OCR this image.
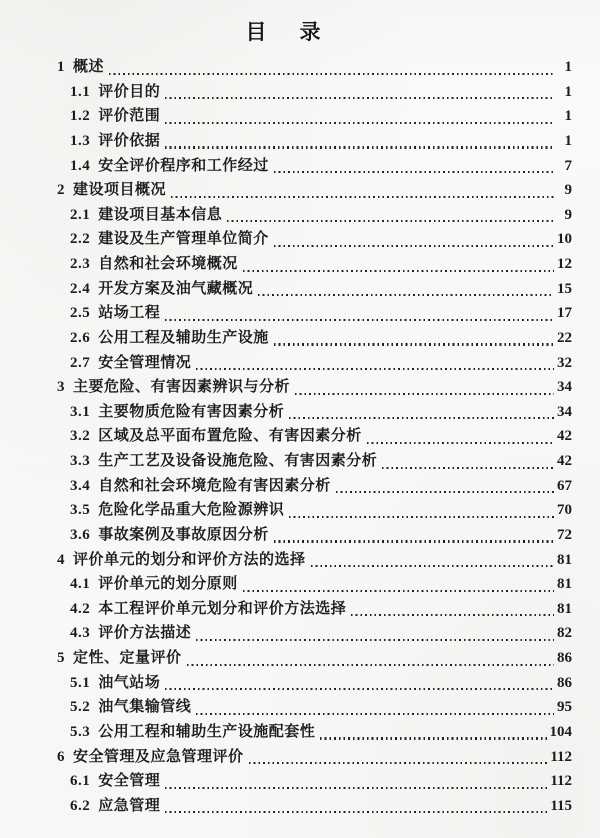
目　录
1 概述	1
1.1 评价目的	1
1.2 评价范围	1
1.3 评价依据	1
1.4 安全评价程序和工作经过	7
2 建设项目概况	9
2.1 建设项目基本信息	9
2.2 建设及生产管理单位简介	10
2.3 自然和社会环境概况	12
2.4 开发方案及油气藏概况	15
2.5 站场工程	17
2.6 公用工程及辅助生产设施	22
2.7 安全管理情况	32
3 主要危险、有害因素辨识与分析	34
3.1 主要物质危险有害因素分析	34
3.2 区域及总平面布置危险、有害因素分析	42
3.3 生产工艺及设备设施危险、有害因素分析	42
3.4 自然和社会环境危险有害因素分析	67
3.5 危险化学品重大危险源辨识	70
3.6 事故案例及事故原因分析	72
4 评价单元的划分和评价方法的选择	81
4.1 评价单元的划分原则	81
4.2 本工程评价单元划分和评价方法选择	81
4.3 评价方法描述	82
5 定性、定量评价	86
5.1 油气站场	86
5.2 油气集输管线	95
5.3 公用工程和辅助生产设施配套性	104
6 安全管理及应急管理评价	112
6.1 安全管理	112
6.2 应急管理	115
